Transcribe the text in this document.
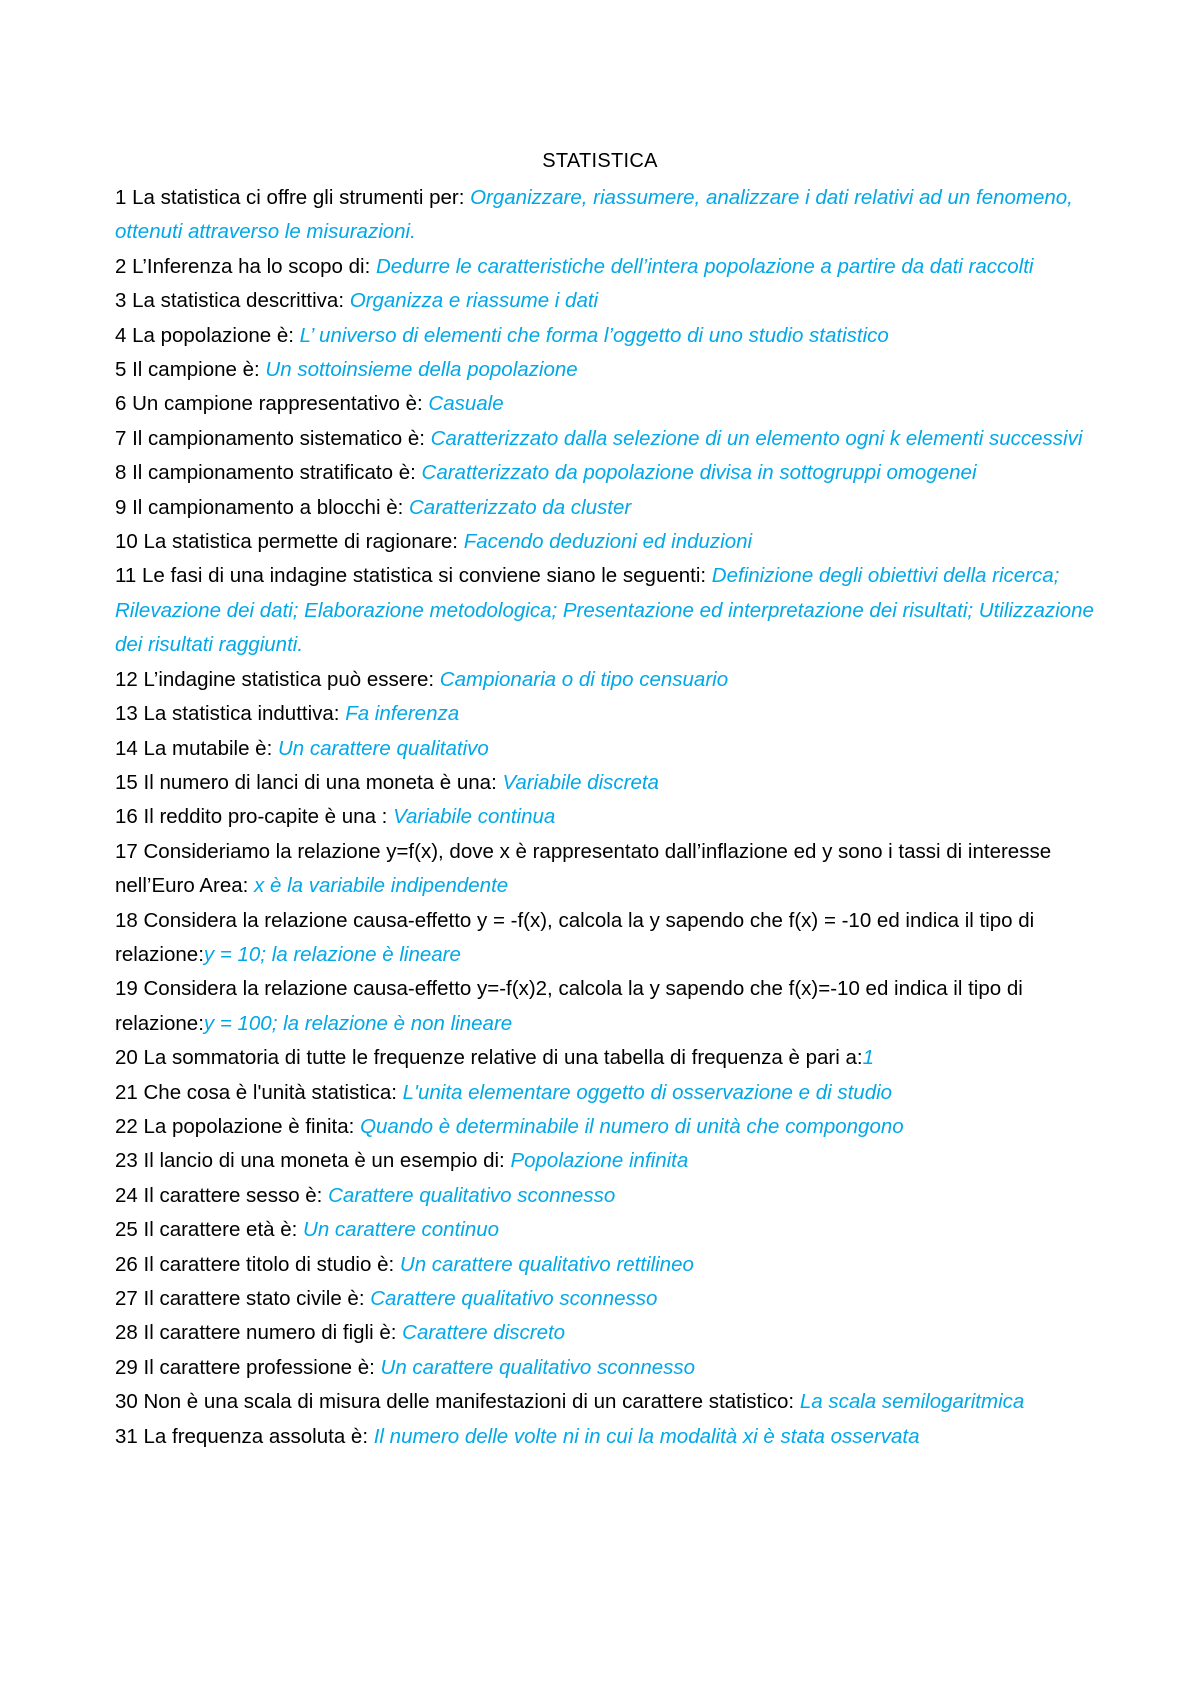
STATISTICA

1 La statistica ci offre gli strumenti per: Organizzare, riassumere, analizzare i dati relativi ad un fenomeno, ottenuti attraverso le misurazioni.

2 L’Inferenza ha lo scopo di: Dedurre le caratteristiche dell’intera popolazione a partire da dati raccolti

3 La statistica descrittiva: Organizza e riassume i dati

4 La popolazione è: L’ universo di elementi che forma l’oggetto di uno studio statistico

5 Il campione è: Un sottoinsieme della popolazione

6 Un campione rappresentativo è: Casuale

7 Il campionamento sistematico è: Caratterizzato dalla selezione di un elemento ogni k elementi successivi

8 Il campionamento stratificato è: Caratterizzato da popolazione divisa in sottogruppi omogenei

9 Il campionamento a blocchi è: Caratterizzato da cluster

10 La statistica permette di ragionare: Facendo deduzioni ed induzioni

11 Le fasi di una indagine statistica si conviene siano le seguenti: Definizione degli obiettivi della ricerca; Rilevazione dei dati; Elaborazione metodologica; Presentazione ed interpretazione dei risultati; Utilizzazione dei risultati raggiunti.

12 L’indagine statistica può essere: Campionaria o di tipo censuario

13 La statistica induttiva: Fa inferenza

14 La mutabile è: Un carattere qualitativo

15 Il numero di lanci di una moneta è una: Variabile discreta

16 Il reddito pro-capite è una : Variabile continua

17 Consideriamo la relazione y=f(x), dove x è rappresentato dall’inflazione ed y sono i tassi di interesse nell’Euro Area: x è la variabile indipendente

18 Considera la relazione causa-effetto y = -f(x), calcola la y sapendo che f(x) = -10 ed indica il tipo di relazione:y = 10; la relazione è lineare

19 Considera la relazione causa-effetto y=-f(x)2, calcola la y sapendo che f(x)=-10 ed indica il tipo di relazione:y = 100; la relazione è non lineare

20 La sommatoria di tutte le frequenze relative di una tabella di frequenza è pari a:1

21 Che cosa è l'unità statistica: L'unita elementare oggetto di osservazione e di studio

22 La popolazione è finita: Quando è determinabile il numero di unità che compongono

23 Il lancio di una moneta è un esempio di: Popolazione infinita

24 Il carattere sesso è: Carattere qualitativo sconnesso

25 Il carattere età è: Un carattere continuo

26 Il carattere titolo di studio è: Un carattere qualitativo rettilineo

27 Il carattere stato civile è: Carattere qualitativo sconnesso

28 Il carattere numero di figli è: Carattere discreto

29 Il carattere professione è: Un carattere qualitativo sconnesso

30 Non è una scala di misura delle manifestazioni di un carattere statistico: La scala semilogaritmica

31 La frequenza assoluta è: Il numero delle volte ni in cui la modalità xi è stata osservata
